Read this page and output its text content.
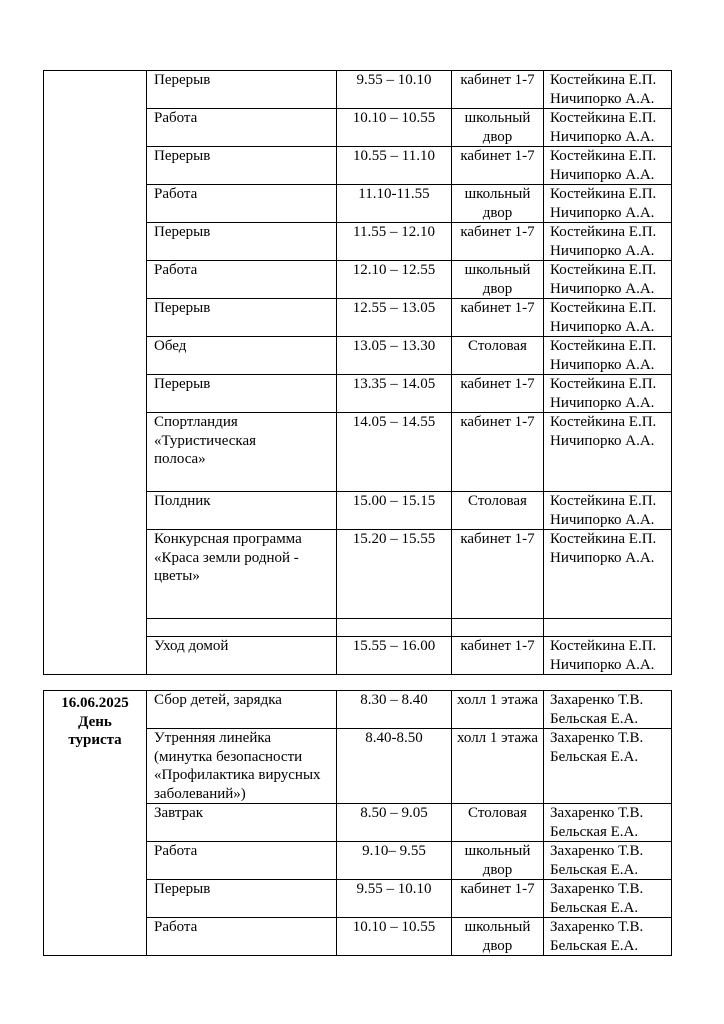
	Перерыв	9.55 – 10.10	кабинет 1-7	Костейкина Е.П.
Ничипорко А.А.

	Работа	10.10 – 10.55	школьный
двор	Костейкина Е.П.
Ничипорко А.А.

	Перерыв	10.55 – 11.10	кабинет 1-7	Костейкина Е.П.
Ничипорко А.А.

	Работа	11.10-11.55	школьный
двор	Костейкина Е.П.
Ничипорко А.А.

	Перерыв	11.55 – 12.10	кабинет 1-7	Костейкина Е.П.
Ничипорко А.А.

	Работа	12.10 – 12.55	школьный
двор	Костейкина Е.П.
Ничипорко А.А.

	Перерыв	12.55 – 13.05	кабинет 1-7	Костейкина Е.П.
Ничипорко А.А.

	Обед	13.05 – 13.30	Столовая	Костейкина Е.П.
Ничипорко А.А.

	Перерыв	13.35 – 14.05	кабинет 1-7	Костейкина Е.П.
Ничипорко А.А.

	Спортландия
«Туристическая
полоса»	14.05 – 14.55	кабинет 1-7	Костейкина Е.П.
Ничипорко А.А.

	Полдник	15.00 – 15.15	Столовая	Костейкина Е.П.
Ничипорко А.А.

	Конкурсная программа
«Краса земли родной -
цветы»	15.20 – 15.55	кабинет 1-7	Костейкина Е.П.
Ничипорко А.А.

	Уход домой	15.55 – 16.00	кабинет 1-7	Костейкина Е.П.
Ничипорко А.А.
16.06.2025
День
туриста	Сбор детей, зарядка	8.30 – 8.40	холл 1 этажа	Захаренко Т.В.
Бельская Е.А.

	Утренняя линейка
(минутка безопасности
«Профилактика вирусных
заболеваний»)	8.40-8.50	холл 1 этажа	Захаренко Т.В.
Бельская Е.А.

	Завтрак	8.50 – 9.05	Столовая	Захаренко Т.В.
Бельская Е.А.

	Работа	9.10– 9.55	школьный
двор	Захаренко Т.В.
Бельская Е.А.

	Перерыв	9.55 – 10.10	кабинет 1-7	Захаренко Т.В.
Бельская Е.А.

	Работа	10.10 – 10.55	школьный
двор	Захаренко Т.В.
Бельская Е.А.
